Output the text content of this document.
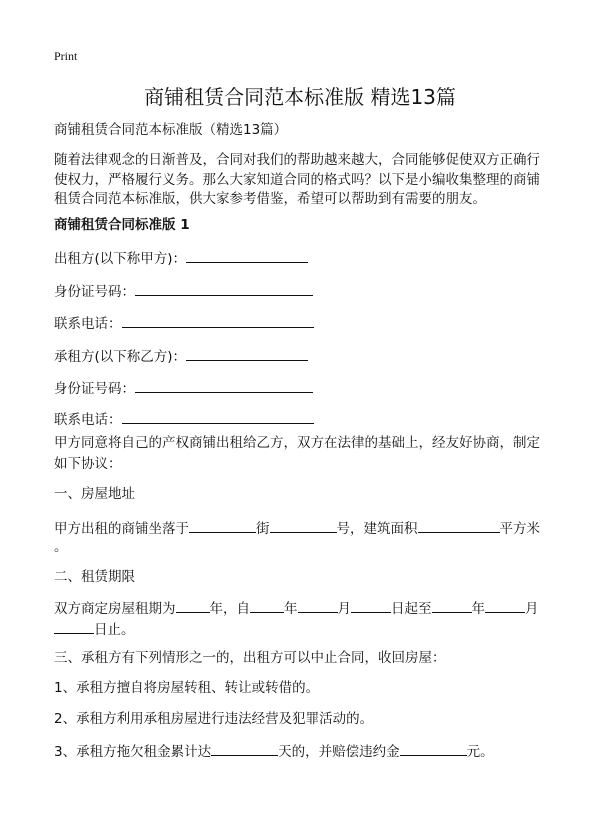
Print
商铺租赁合同范本标准版 精选13篇
商铺租赁合同范本标准版（精选13篇）
随着法律观念的日渐普及，合同对我们的帮助越来越大，合同能够促使双方正确行
使权力，严格履行义务。那么大家知道合同的格式吗？以下是小编收集整理的商铺
租赁合同范本标准版，供大家参考借鉴，希望可以帮助到有需要的朋友。
商铺租赁合同标准版 1
出租方(以下称甲方)：
身份证号码：
联系电话：
承租方(以下称乙方)：
身份证号码：
联系电话：
甲方同意将自己的产权商铺出租给乙方，双方在法律的基础上，经友好协商，制定
如下协议：
一、房屋地址
甲方出租的商铺坐落于	街	号，建筑面积	平方米
。
二、租赁期限
双方商定房屋租期为	年，自	年	月	日起至	年	月
日止。
三、承租方有下列情形之一的，出租方可以中止合同，收回房屋：
1、承租方擅自将房屋转租、转让或转借的。
2、承租方利用承租房屋进行违法经营及犯罪活动的。
3、承租方拖欠租金累计达	天的，并赔偿违约金	元。
